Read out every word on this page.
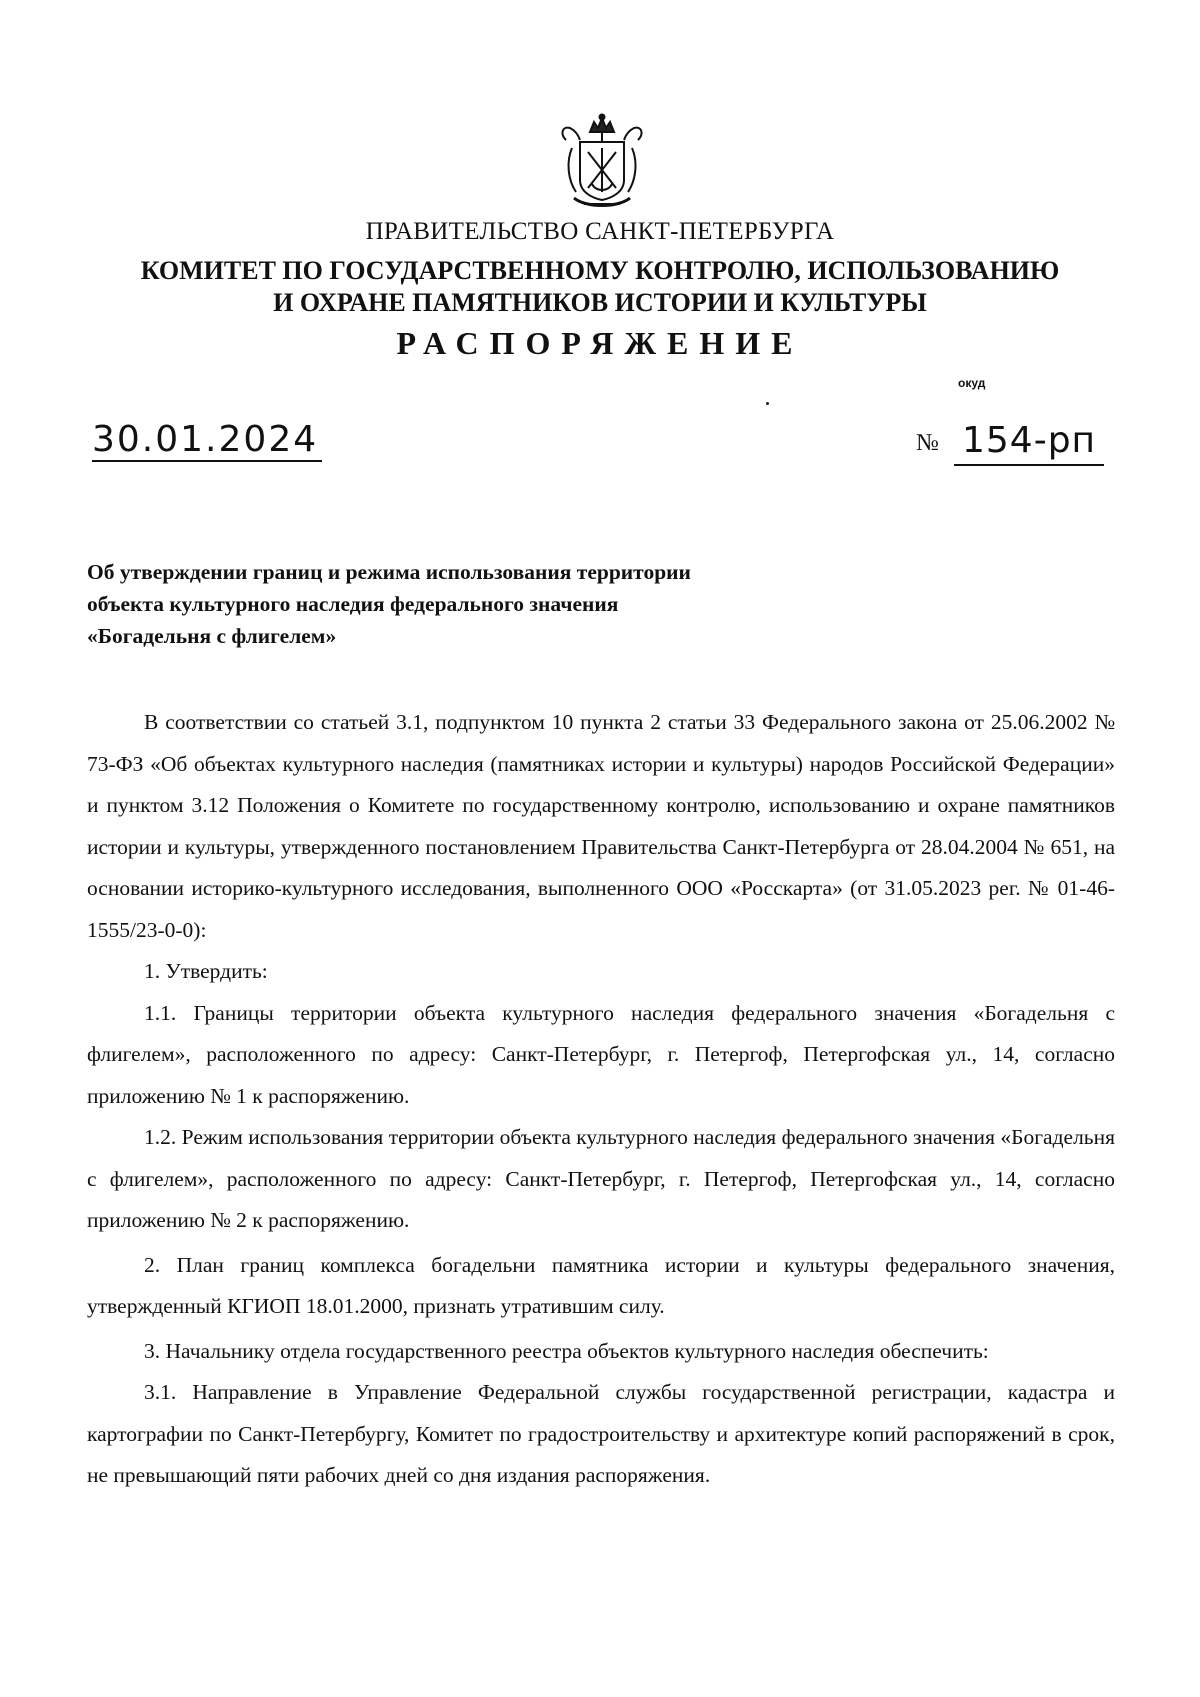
ПРАВИТЕЛЬСТВО САНКТ-ПЕТЕРБУРГА
КОМИТЕТ ПО ГОСУДАРСТВЕННОМУ КОНТРОЛЮ, ИСПОЛЬЗОВАНИЮ
И ОХРАНЕ ПАМЯТНИКОВ ИСТОРИИ И КУЛЬТУРЫ
РАСПОРЯЖЕНИЕ
окуд
30.01.2024	№ 154-рп
Об утверждении границ и режима использования территории
объекта культурного наследия федерального значения
«Богадельня с флигелем»

В соответствии со статьей 3.1, подпунктом 10 пункта 2 статьи 33 Федерального закона от 25.06.2002 № 73-ФЗ «Об объектах культурного наследия (памятниках истории и культуры) народов Российской Федерации» и пунктом 3.12 Положения о Комитете по государственному контролю, использованию и охране памятников истории и культуры, утвержденного постановлением Правительства Санкт-Петербурга от 28.04.2004 № 651, на основании историко-культурного исследования, выполненного ООО «Росскарта» (от 31.05.2023 рег. № 01-46-1555/23-0-0):

1. Утвердить:

1.1. Границы территории объекта культурного наследия федерального значения «Богадельня с флигелем», расположенного по адресу: Санкт-Петербург, г. Петергоф, Петергофская ул., 14, согласно приложению № 1 к распоряжению.

1.2. Режим использования территории объекта культурного наследия федерального значения «Богадельня с флигелем», расположенного по адресу: Санкт-Петербург, г. Петергоф, Петергофская ул., 14, согласно приложению № 2 к распоряжению.

2. План границ комплекса богадельни памятника истории и культуры федерального значения, утвержденный КГИОП 18.01.2000, признать утратившим силу.

3. Начальнику отдела государственного реестра объектов культурного наследия обеспечить:

3.1. Направление в Управление Федеральной службы государственной регистрации, кадастра и картографии по Санкт-Петербургу, Комитет по градостроительству и архитектуре копий распоряжений в срок, не превышающий пяти рабочих дней со дня издания распоряжения.
